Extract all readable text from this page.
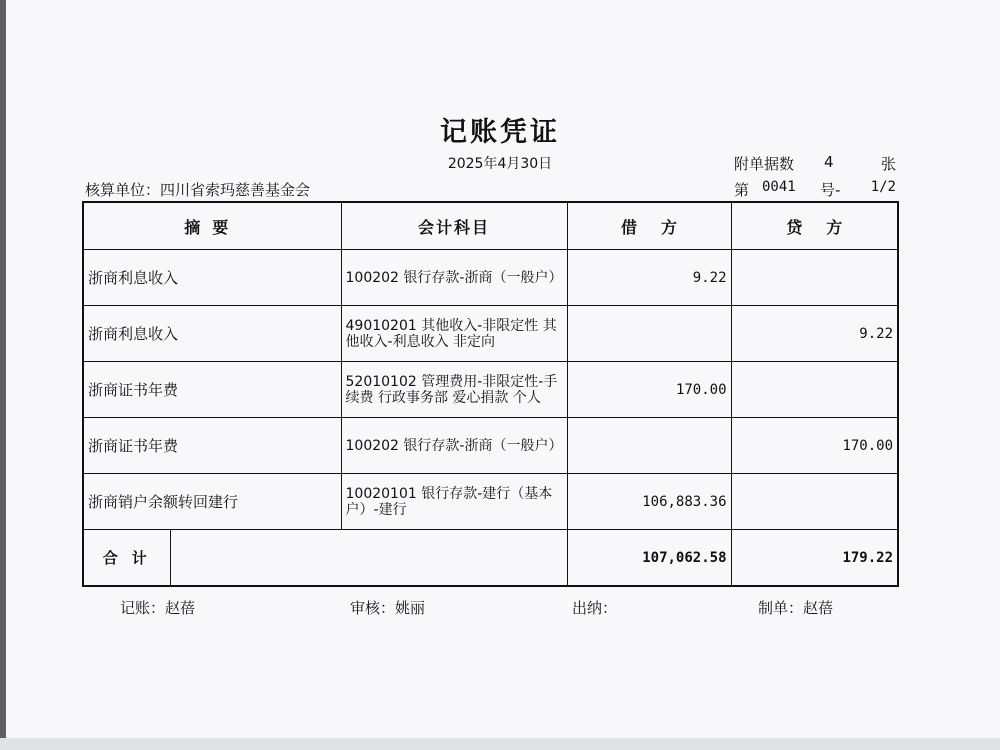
记账凭证
2025年4月30日	附单据数 4	张
核算单位：四川省索玛慈善基金会	第 0041 号- 1/2
摘要		会计科目	借方	贷方
浙商利息收入		100202 银行存款-浙商（一般户）	9.22	
浙商利息收入		49010201 其他收入-非限定性 其他收入-利息收入 非定向		9.22
浙商证书年费		52010102 管理费用-非限定性-手续费 行政事务部 爱心捐款 个人	170.00	
浙商证书年费		100202 银行存款-浙商（一般户）		170.00
浙商销户余额转回建行		10020101 银行存款-建行（基本户）-建行	106,883.36	
合计			107,062.58	179.22
记账：赵蓓	审核：姚丽	出纳：	制单：赵蓓
